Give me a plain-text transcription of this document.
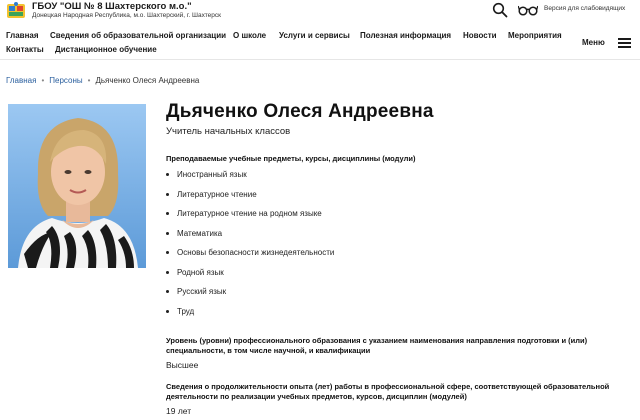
ГБОУ "ОШ № 8 Шахтерского м.о."
Донецкая Народная Республика, м.о. Шахтерский, г. Шахтерск
Версия для слабовидящих
Главная Сведения об образовательной организации О школе Услуги и сервисы Полезная информация Новости Мероприятия
Контакты Дистанционное обучение
Меню
Главная • Персоны • Дьяченко Олеся Андреевна
Дьяченко Олеся Андреевна
Учитель начальных классов
Преподаваемые учебные предметы, курсы, дисциплины (модули)
Иностранный язык
Литературное чтение
Литературное чтение на родном языке
Математика
Основы безопасности жизнедеятельности
Родной язык
Русский язык
Труд
Уровень (уровни) профессионального образования с указанием наименования направления подготовки и (или) специальности, в том числе научной, и квалификации
Высшее
Сведения о продолжительности опыта (лет) работы в профессиональной сфере, соответствующей образовательной деятельности по реализации учебных предметов, курсов, дисциплин (модулей)
19 лет
